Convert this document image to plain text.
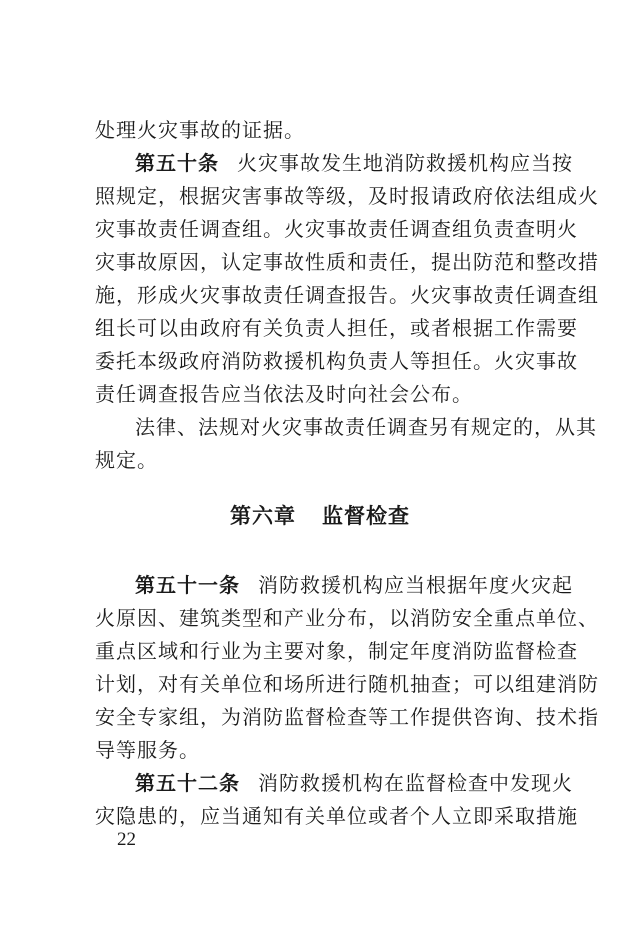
处理火灾事故的证据。
第五十条 火灾事故发生地消防救援机构应当按
照规定，根据灾害事故等级，及时报请政府依法组成火
灾事故责任调查组。火灾事故责任调查组负责查明火
灾事故原因，认定事故性质和责任，提出防范和整改措
施，形成火灾事故责任调查报告。火灾事故责任调查组
组长可以由政府有关负责人担任，或者根据工作需要
委托本级政府消防救援机构负责人等担任。火灾事故
责任调查报告应当依法及时向社会公布。
法律、法规对火灾事故责任调查另有规定的，从其
规定。
第六章 监督检查
第五十一条 消防救援机构应当根据年度火灾起
火原因、建筑类型和产业分布，以消防安全重点单位、
重点区域和行业为主要对象，制定年度消防监督检查
计划，对有关单位和场所进行随机抽查；可以组建消防
安全专家组，为消防监督检查等工作提供咨询、技术指
导等服务。
第五十二条 消防救援机构在监督检查中发现火
灾隐患的，应当通知有关单位或者个人立即采取措施
22
